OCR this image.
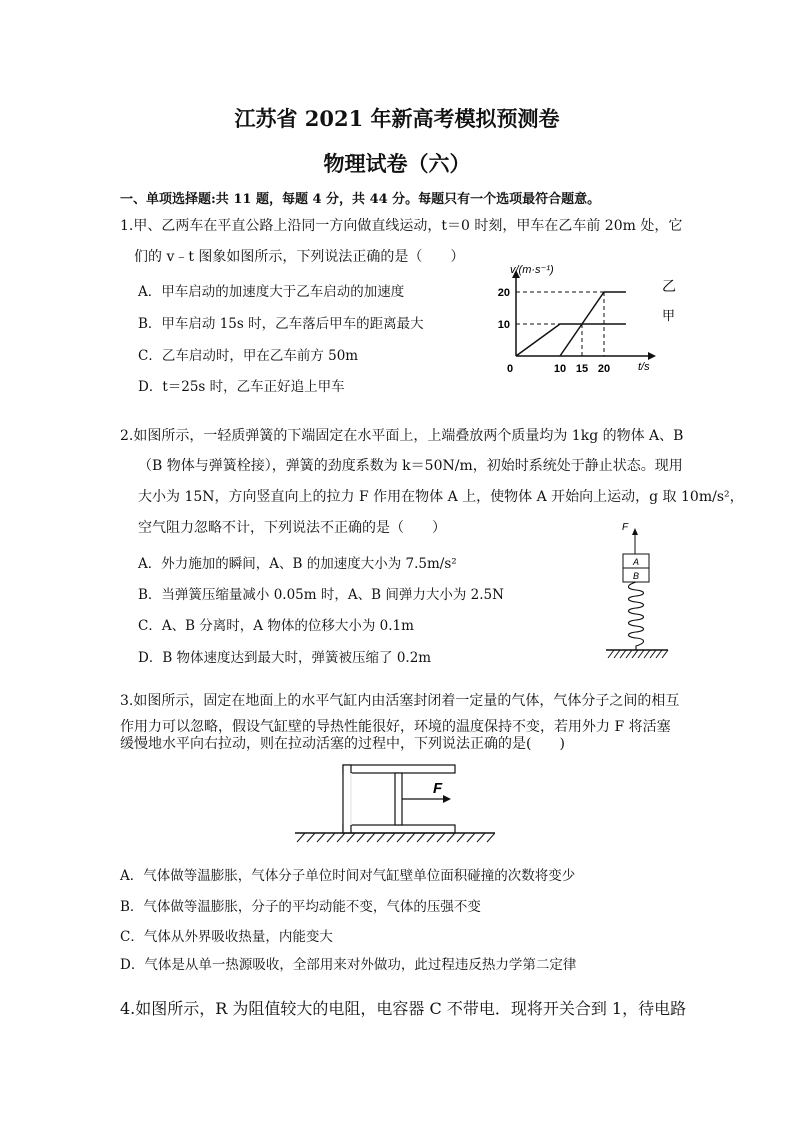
江苏省 2021 年新高考模拟预测卷
物理试卷（六）
一、单项选择题:共 11 题，每题 4 分，共 44 分。每题只有一个选项最符合题意。
1.甲、乙两车在平直公路上沿同一方向做直线运动，t＝0 时刻，甲车在乙车前 20m 处，它
们的 v﹣t 图象如图所示，下列说法正确的是（　　）
A．甲车启动的加速度大于乙车启动的加速度
B．甲车启动 15s 时，乙车落后甲车的距离最大
C．乙车启动时，甲在乙车前方 50m
D．t＝25s 时，乙车正好追上甲车
v/(m·s⁻¹)
t/s
0	10 15 20
10
20
甲
乙
2.如图所示，一轻质弹簧的下端固定在水平面上，上端叠放两个质量均为 1kg 的物体 A、B
（B 物体与弹簧栓接），弹簧的劲度系数为 k＝50N/m，初始时系统处于静止状态。现用
大小为 15N，方向竖直向上的拉力 F 作用在物体 A 上，使物体 A 开始向上运动，g 取 10m/s²，
空气阻力忽略不计，下列说法不正确的是（　　）
A．外力施加的瞬间，A、B 的加速度大小为 7.5m/s²
B．当弹簧压缩量减小 0.05m 时，A、B 间弹力大小为 2.5N
C．A、B 分离时，A 物体的位移大小为 0.1m
D．B 物体速度达到最大时，弹簧被压缩了 0.2m
F
A
B
3.如图所示，固定在地面上的水平气缸内由活塞封闭着一定量的气体，气体分子之间的相互
作用力可以忽略，假设气缸壁的导热性能很好，环境的温度保持不变，若用外力 F 将活塞
缓慢地水平向右拉动，则在拉动活塞的过程中，下列说法正确的是(　　)
F
A．气体做等温膨胀，气体分子单位时间对气缸壁单位面积碰撞的次数将变少
B．气体做等温膨胀，分子的平均动能不变，气体的压强不变
C．气体从外界吸收热量，内能变大
D．气体是从单一热源吸收，全部用来对外做功，此过程违反热力学第二定律
4.如图所示，R 为阻值较大的电阻，电容器 C 不带电．现将开关合到 1，待电路
